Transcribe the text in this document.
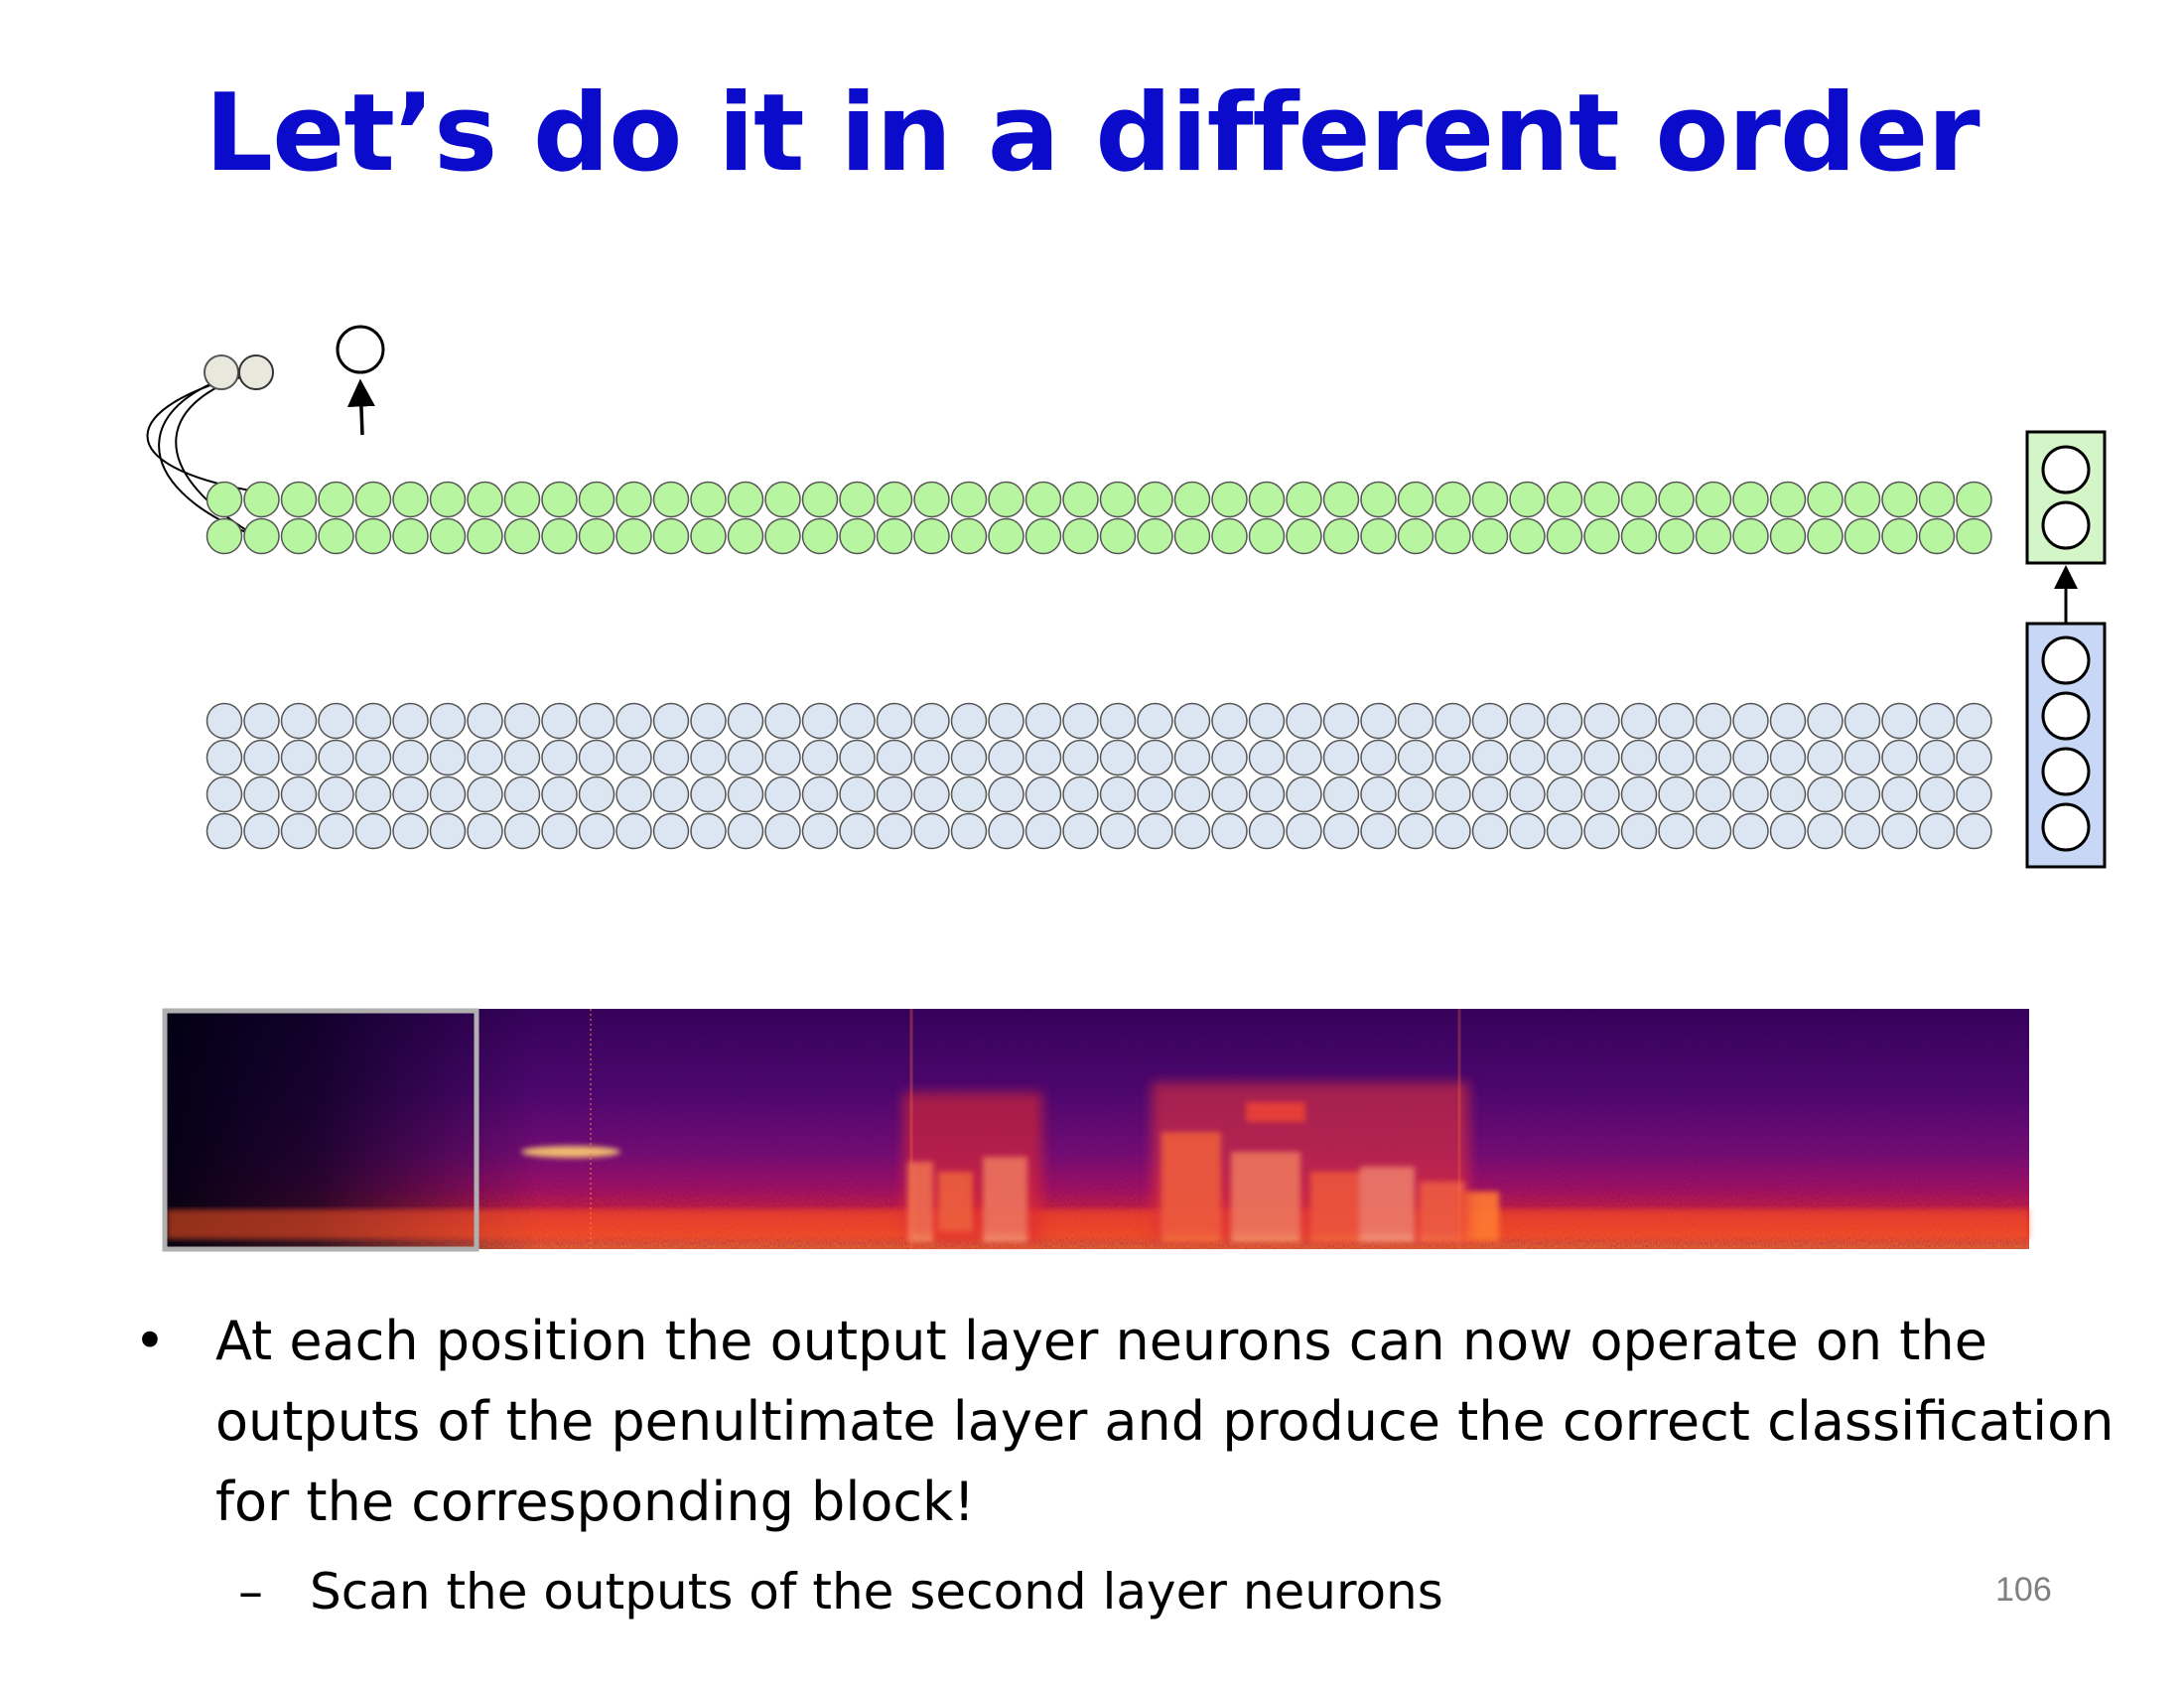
Let’s do it in a different order
• At each position the output layer neurons can now operate on the outputs of the penultimate layer and produce the correct classification for the corresponding block!
– Scan the outputs of the second layer neurons	106
